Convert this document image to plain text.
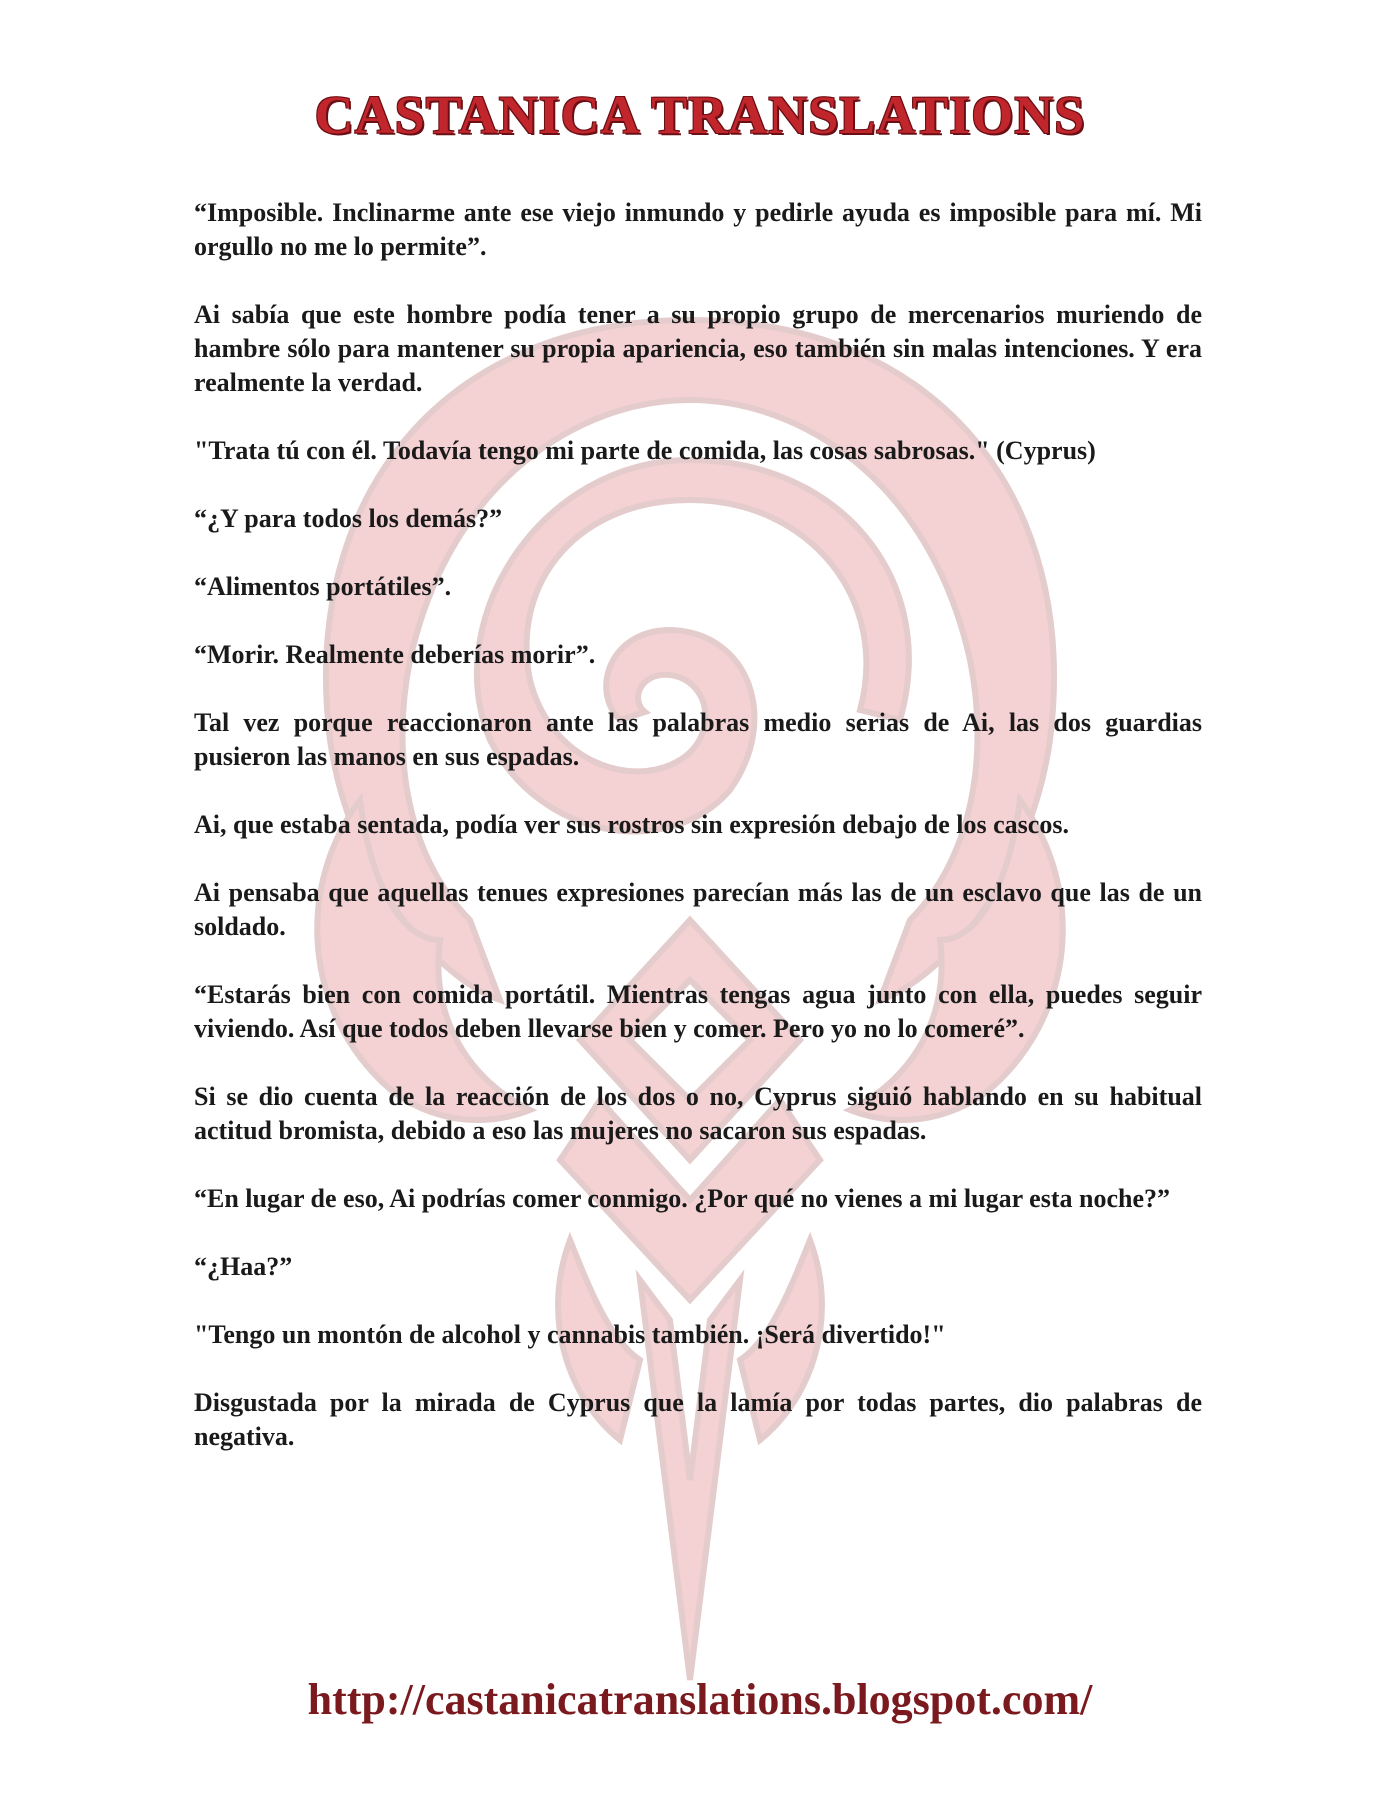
CASTANICA TRANSLATIONS

“Imposible. Inclinarme ante ese viejo inmundo y pedirle ayuda es imposible para mí. Mi orgullo no me lo permite”.

Ai sabía que este hombre podía tener a su propio grupo de mercenarios muriendo de hambre sólo para mantener su propia apariencia, eso también sin malas intenciones. Y era realmente la verdad.

"Trata tú con él. Todavía tengo mi parte de comida, las cosas sabrosas." (Cyprus)

“¿Y para todos los demás?”

“Alimentos portátiles”.

“Morir. Realmente deberías morir”.

Tal vez porque reaccionaron ante las palabras medio serias de Ai, las dos guardias pusieron las manos en sus espadas.

Ai, que estaba sentada, podía ver sus rostros sin expresión debajo de los cascos.

Ai pensaba que aquellas tenues expresiones parecían más las de un esclavo que las de un soldado.

“Estarás bien con comida portátil. Mientras tengas agua junto con ella, puedes seguir viviendo. Así que todos deben llevarse bien y comer. Pero yo no lo comeré”.

Si se dio cuenta de la reacción de los dos o no, Cyprus siguió hablando en su habitual actitud bromista, debido a eso las mujeres no sacaron sus espadas.

“En lugar de eso, Ai podrías comer conmigo. ¿Por qué no vienes a mi lugar esta noche?”

“¿Haa?”

"Tengo un montón de alcohol y cannabis también. ¡Será divertido!"

Disgustada por la mirada de Cyprus que la lamía por todas partes, dio palabras de negativa.

http://castanicatranslations.blogspot.com/
